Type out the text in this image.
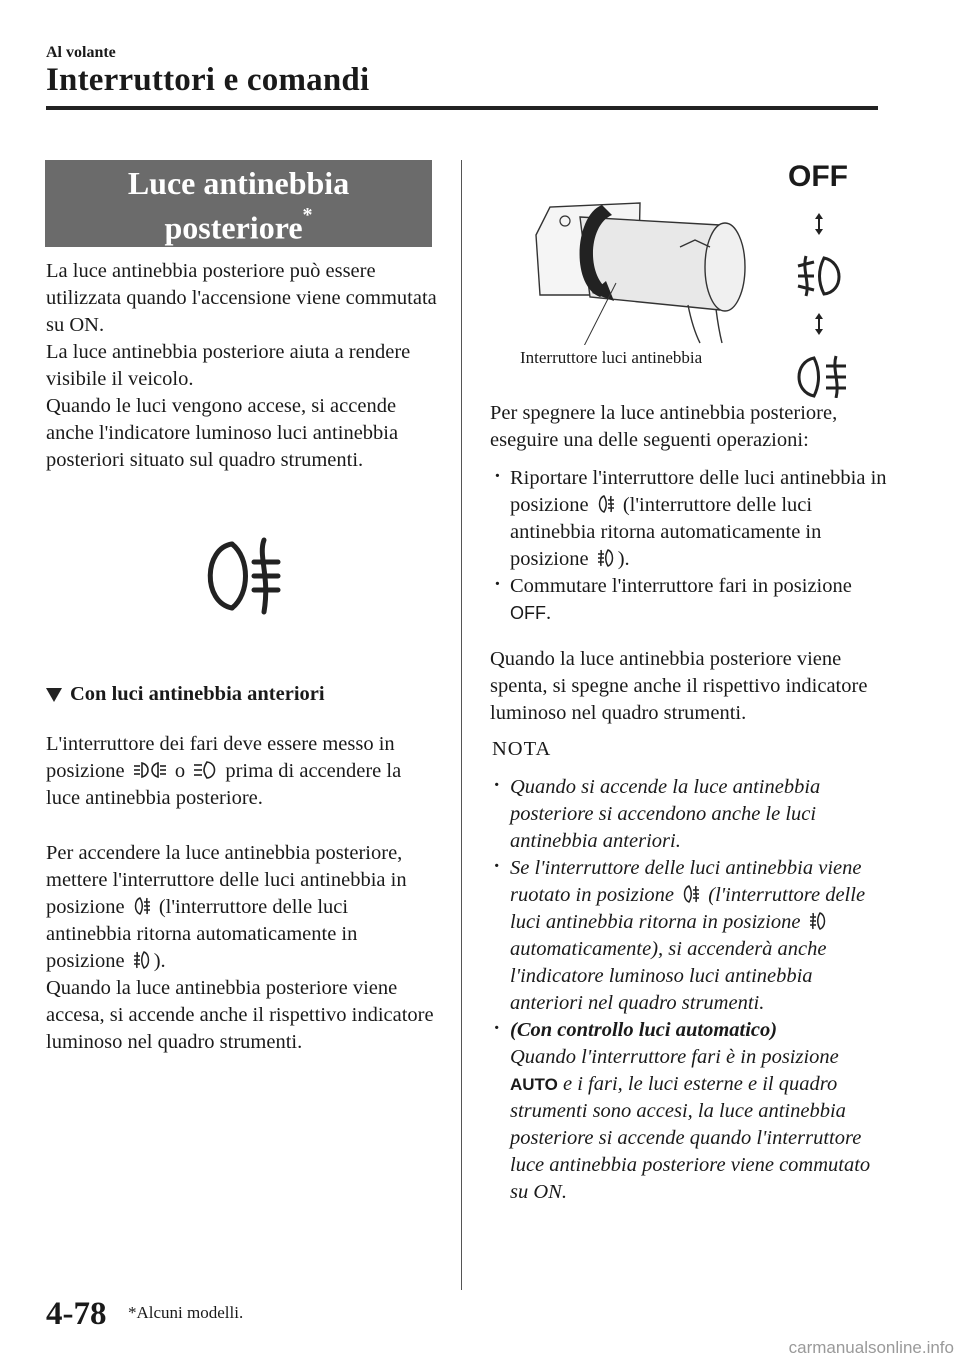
Al volante
Interruttori e comandi
Luce antinebbia
posteriore*
La luce antinebbia posteriore può essere utilizzata quando l'accensione viene commutata su ON.
La luce antinebbia posteriore aiuta a rendere visibile il veicolo.
Quando le luci vengono accese, si accende anche l'indicatore luminoso luci antinebbia posteriori situato sul quadro strumenti.
Con luci antinebbia anteriori
L'interruttore dei fari deve essere messo in posizione o prima di accendere la luce antinebbia posteriore.
Per accendere la luce antinebbia posteriore, mettere l'interruttore delle luci antinebbia in posizione (l'interruttore delle luci antinebbia ritorna automaticamente in posizione ).
Quando la luce antinebbia posteriore viene accesa, si accende anche il rispettivo indicatore luminoso nel quadro strumenti.
OFF
Interruttore luci antinebbia
Per spegnere la luce antinebbia posteriore, eseguire una delle seguenti operazioni:
· Riportare l'interruttore delle luci antinebbia in posizione (l'interruttore delle luci antinebbia ritorna automaticamente in posizione ).
· Commutare l'interruttore fari in posizione OFF.
Quando la luce antinebbia posteriore viene spenta, si spegne anche il rispettivo indicatore luminoso nel quadro strumenti.
NOTA
· Quando si accende la luce antinebbia posteriore si accendono anche le luci antinebbia anteriori.
· Se l'interruttore delle luci antinebbia viene ruotato in posizione (l'interruttore delle luci antinebbia ritorna in posizione  automaticamente), si accenderà anche l'indicatore luminoso luci antinebbia anteriori nel quadro strumenti.
· (Con controllo luci automatico)
Quando l'interruttore fari è in posizione
AUTO e i fari, le luci esterne e il quadro strumenti sono accesi, la luce antinebbia posteriore si accende quando l'interruttore luce antinebbia posteriore viene commutato su ON.
4-78 *Alcuni modelli.
carmanualsonline.info
